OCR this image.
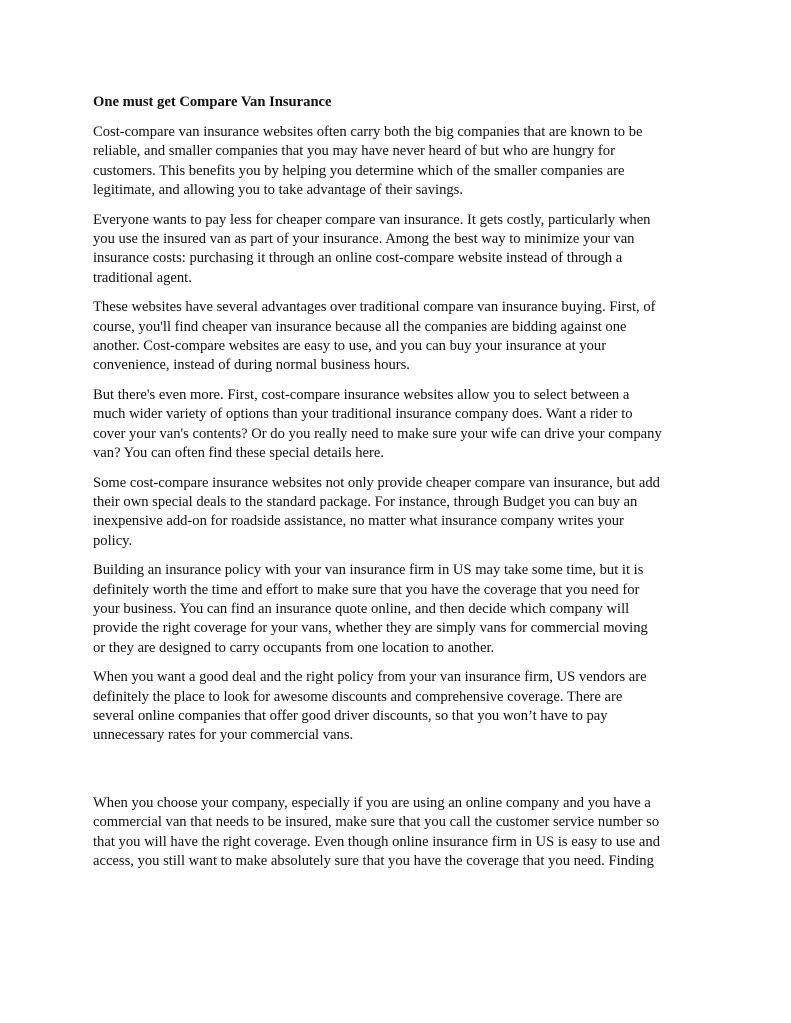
One must get Compare Van Insurance
Cost-compare van insurance websites often carry both the big companies that are known to be
reliable, and smaller companies that you may have never heard of but who are hungry for
customers. This benefits you by helping you determine which of the smaller companies are
legitimate, and allowing you to take advantage of their savings.
Everyone wants to pay less for cheaper compare van insurance. It gets costly, particularly when
you use the insured van as part of your insurance. Among the best way to minimize your van
insurance costs: purchasing it through an online cost-compare website instead of through a
traditional agent.
These websites have several advantages over traditional compare van insurance buying. First, of
course, you'll find cheaper van insurance because all the companies are bidding against one
another. Cost-compare websites are easy to use, and you can buy your insurance at your
convenience, instead of during normal business hours.
But there's even more. First, cost-compare insurance websites allow you to select between a
much wider variety of options than your traditional insurance company does. Want a rider to
cover your van's contents? Or do you really need to make sure your wife can drive your company
van? You can often find these special details here.
Some cost-compare insurance websites not only provide cheaper compare van insurance, but add
their own special deals to the standard package. For instance, through Budget you can buy an
inexpensive add-on for roadside assistance, no matter what insurance company writes your
policy.
Building an insurance policy with your van insurance firm in US may take some time, but it is
definitely worth the time and effort to make sure that you have the coverage that you need for
your business. You can find an insurance quote online, and then decide which company will
provide the right coverage for your vans, whether they are simply vans for commercial moving
or they are designed to carry occupants from one location to another.
When you want a good deal and the right policy from your van insurance firm, US vendors are
definitely the place to look for awesome discounts and comprehensive coverage. There are
several online companies that offer good driver discounts, so that you won’t have to pay
unnecessary rates for your commercial vans.
When you choose your company, especially if you are using an online company and you have a
commercial van that needs to be insured, make sure that you call the customer service number so
that you will have the right coverage. Even though online insurance firm in US is easy to use and
access, you still want to make absolutely sure that you have the coverage that you need. Finding
